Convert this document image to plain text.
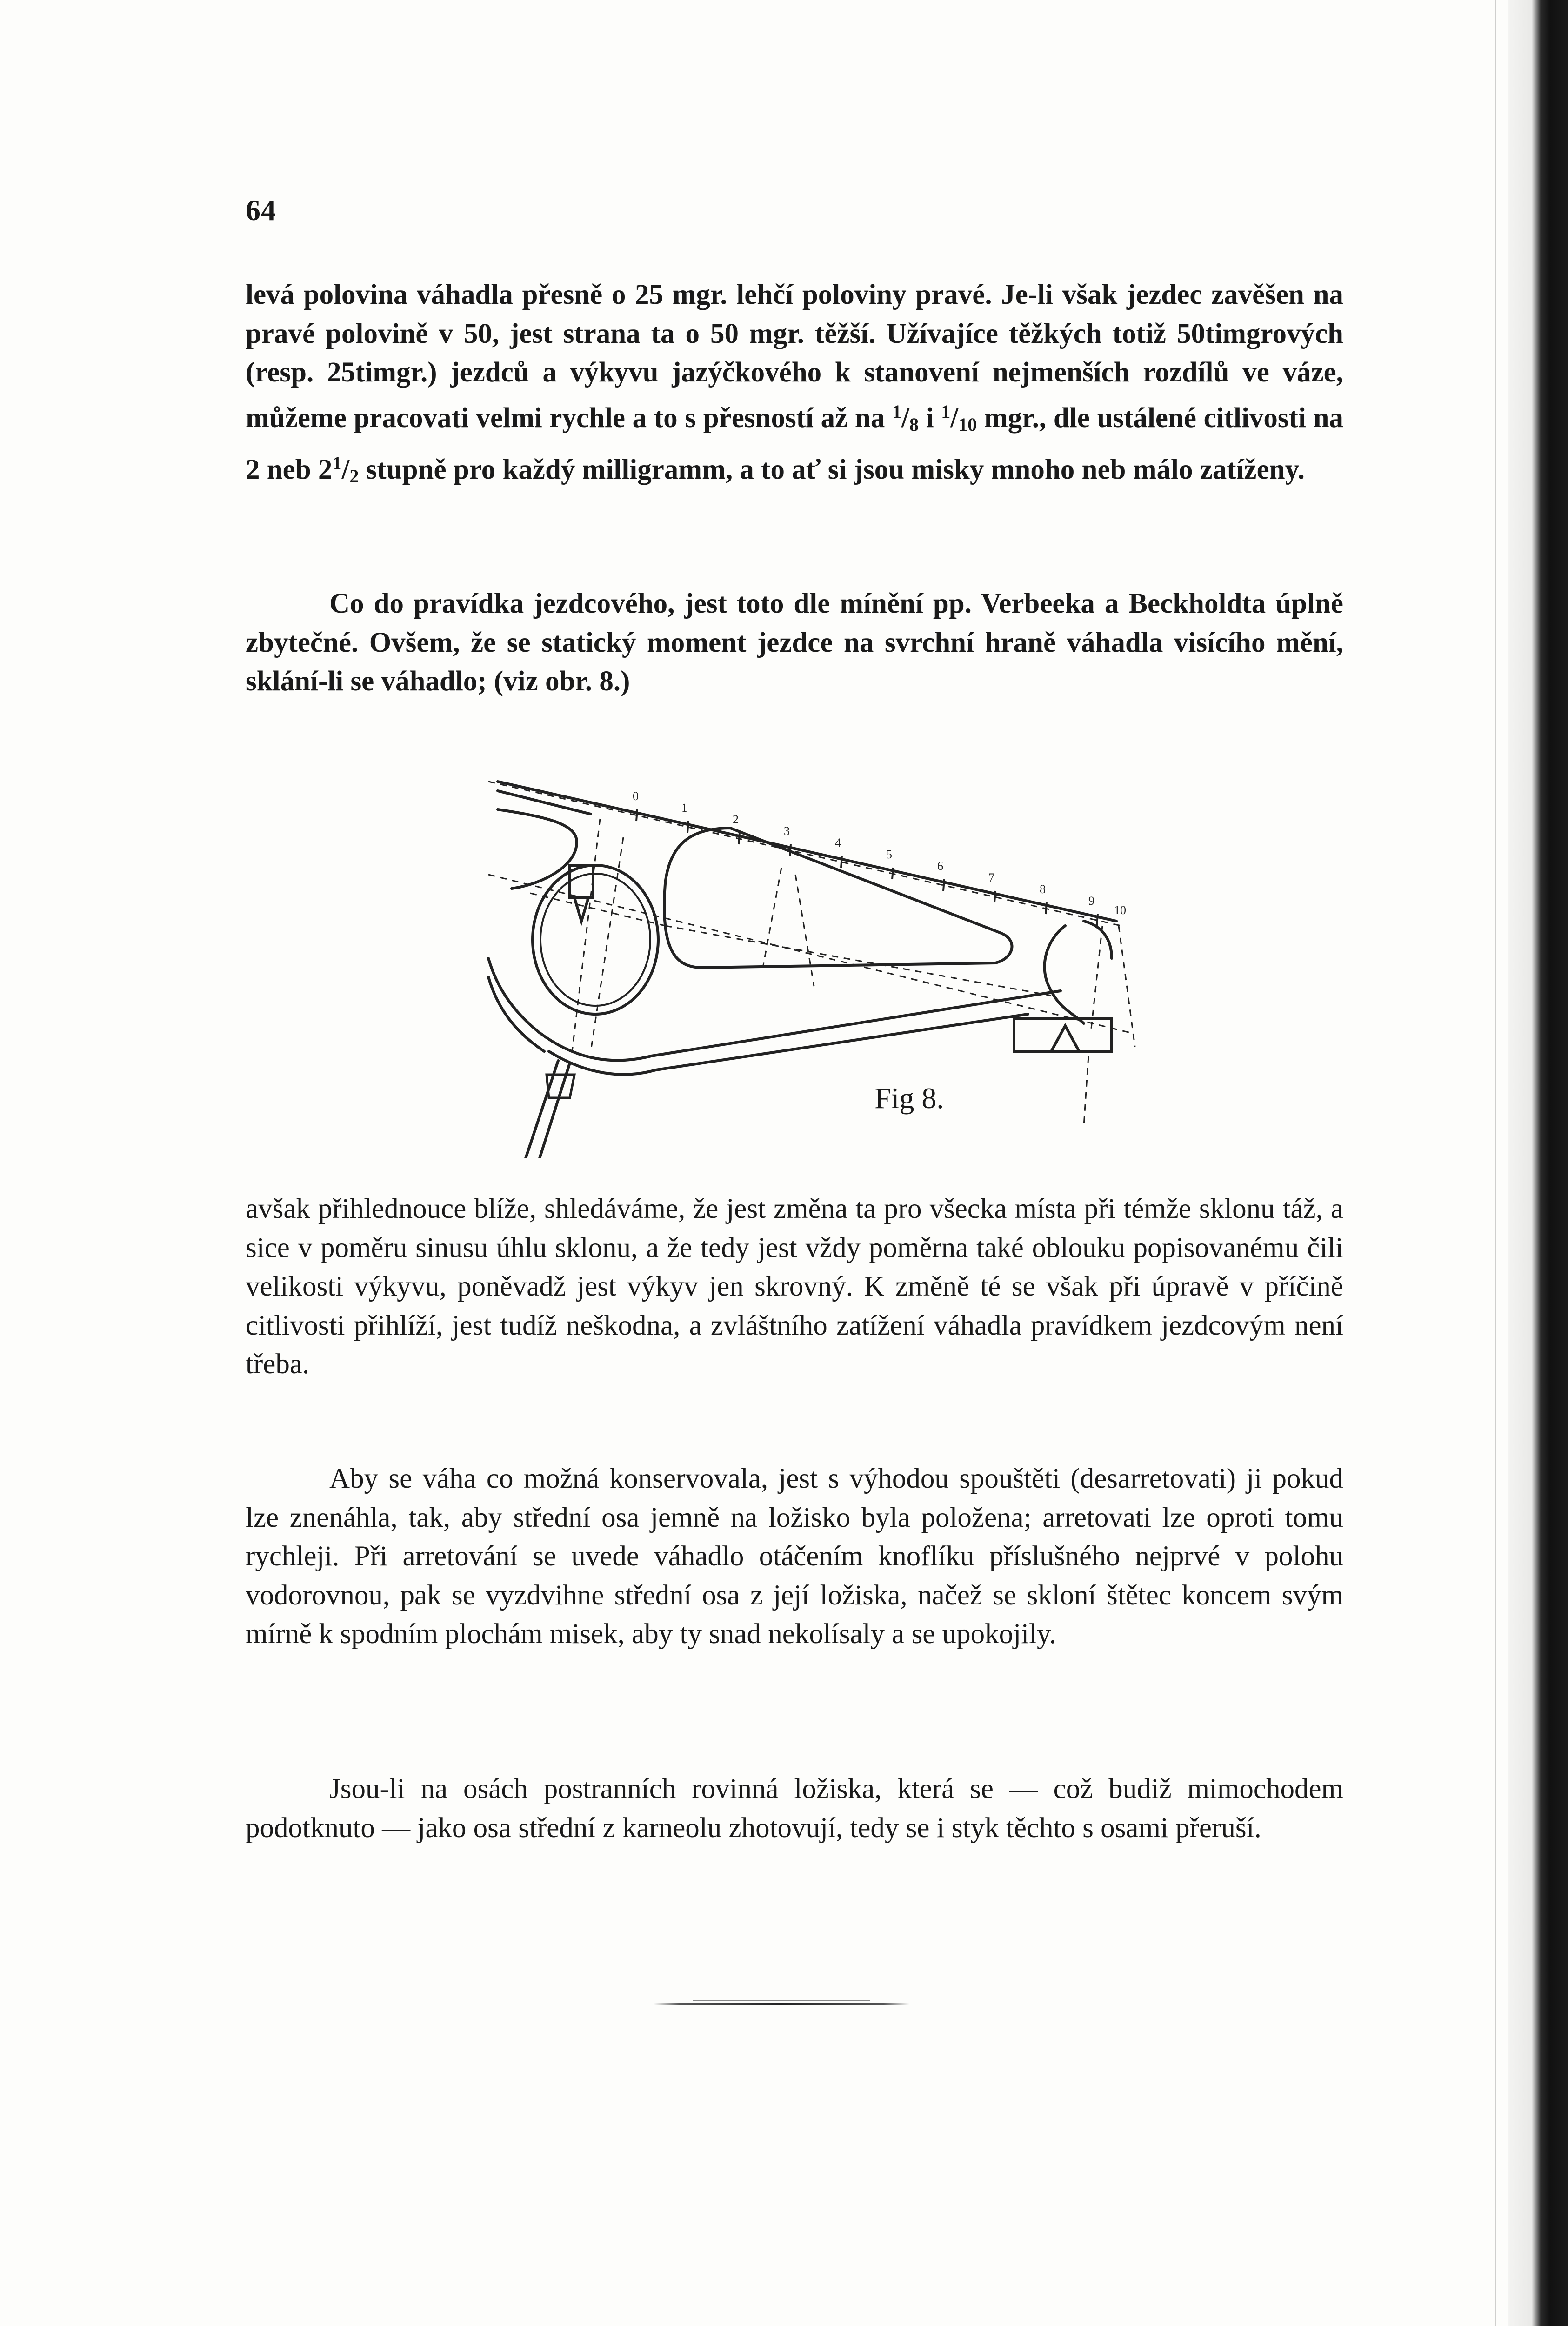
64

levá polovina váhadla přesně o 25 mgr. lehčí poloviny pravé. Je-li však jezdec zavěšen na pravé polovině v 50, jest strana ta o 50 mgr. těžší. Užívajíce těžkých totiž 50timgrových (resp. 25timgr.) jezdců a výkyvu jazýčkového k stanovení nejmenších rozdílů ve váze, můžeme pracovati velmi rychle a to s přesností až na $^1/_8$ i $^1/_{10}$ mgr., dle ustálené citlivosti na 2 neb $2^1/_2$ stupně pro každý milligramm, a to ať si jsou misky mnoho neb málo zatíženy.

Co do pravídka jezdcového, jest toto dle mínění pp. Verbeeka a Beckholdta úplně zbytečné. Ovšem, že se statický moment jezdce na svrchní hraně váhadla visícího mění, sklání-li se váhadlo; (viz obr. 8.)

0
1
2
3
4
5
6
7
8
9
10
Fig 8.

avšak přihlednouce blíže, shledáváme, že jest změna ta pro všecka místa při témže sklonu táž, a sice v poměru sinusu úhlu sklonu, a že tedy jest vždy poměrna také oblouku popisovanému čili velikosti výkyvu, poněvadž jest výkyv jen skrovný. K změně té se však při úpravě v příčině citlivosti přihlíží, jest tudíž neškodna, a zvláštního zatížení váhadla pravídkem jezdcovým není třeba.

Aby se váha co možná konservovala, jest s výhodou spouštěti (desarretovati) ji pokud lze znenáhla, tak, aby střední osa jemně na ložisko byla položena; arretovati lze oproti tomu rychleji. Při arretování se uvede váhadlo otáčením knoflíku příslušného nejprvé v polohu vodorovnou, pak se vyzdvihne střední osa z její ložiska, načež se skloní štětec koncem svým mírně k spodním plochám misek, aby ty snad nekolísaly a se upokojily.

Jsou-li na osách postranních rovinná ložiska, která se — což budiž mimochodem podotknuto — jako osa střední z karneolu zhotovují, tedy se i styk těchto s osami přeruší.
